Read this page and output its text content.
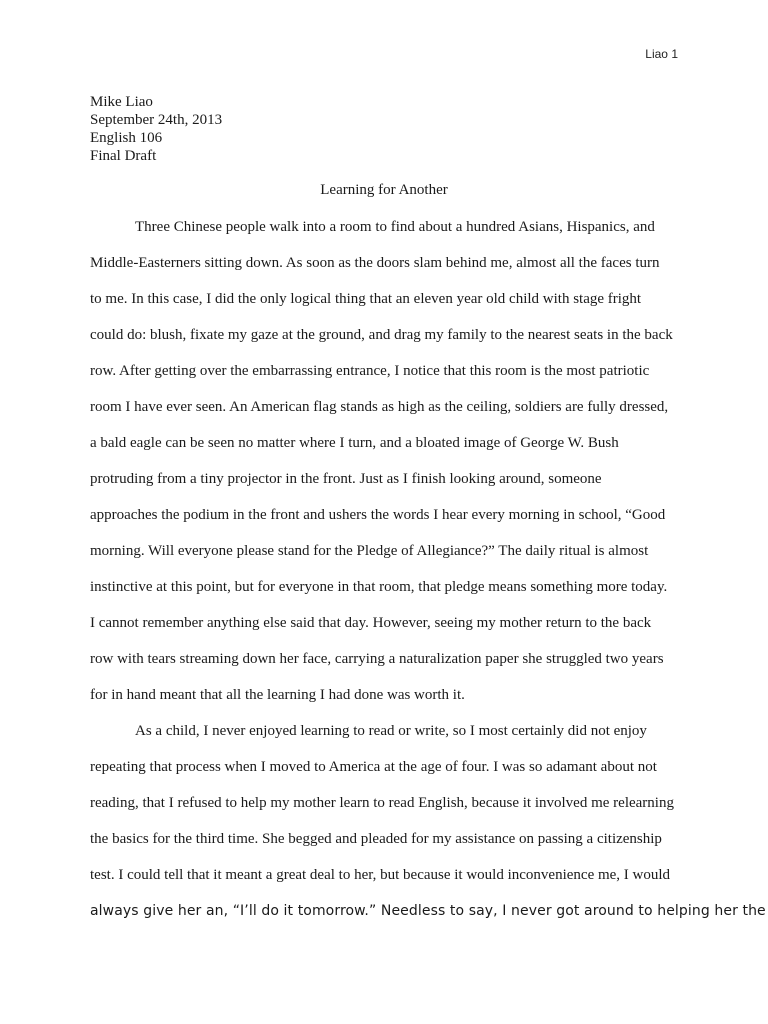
Liao 1
Mike Liao
September 24th, 2013
English 106
Final Draft
Learning for Another
Three Chinese people walk into a room to find about a hundred Asians, Hispanics, and
Middle-Easterners sitting down. As soon as the doors slam behind me, almost all the faces turn
to me. In this case, I did the only logical thing that an eleven year old child with stage fright
could do: blush, fixate my gaze at the ground, and drag my family to the nearest seats in the back
row. After getting over the embarrassing entrance, I notice that this room is the most patriotic
room I have ever seen. An American flag stands as high as the ceiling, soldiers are fully dressed,
a bald eagle can be seen no matter where I turn, and a bloated image of George W. Bush
protruding from a tiny projector in the front. Just as I finish looking around, someone
approaches the podium in the front and ushers the words I hear every morning in school, “Good
morning. Will everyone please stand for the Pledge of Allegiance?” The daily ritual is almost
instinctive at this point, but for everyone in that room, that pledge means something more today.
I cannot remember anything else said that day. However, seeing my mother return to the back
row with tears streaming down her face, carrying a naturalization paper she struggled two years
for in hand meant that all the learning I had done was worth it.
As a child, I never enjoyed learning to read or write, so I most certainly did not enjoy
repeating that process when I moved to America at the age of four. I was so adamant about not
reading, that I refused to help my mother learn to read English, because it involved me relearning
the basics for the third time. She begged and pleaded for my assistance on passing a citizenship
test. I could tell that it meant a great deal to her, but because it would inconvenience me, I would
always give her an, “I’ll do it tomorrow.” Needless to say, I never got around to helping her the
